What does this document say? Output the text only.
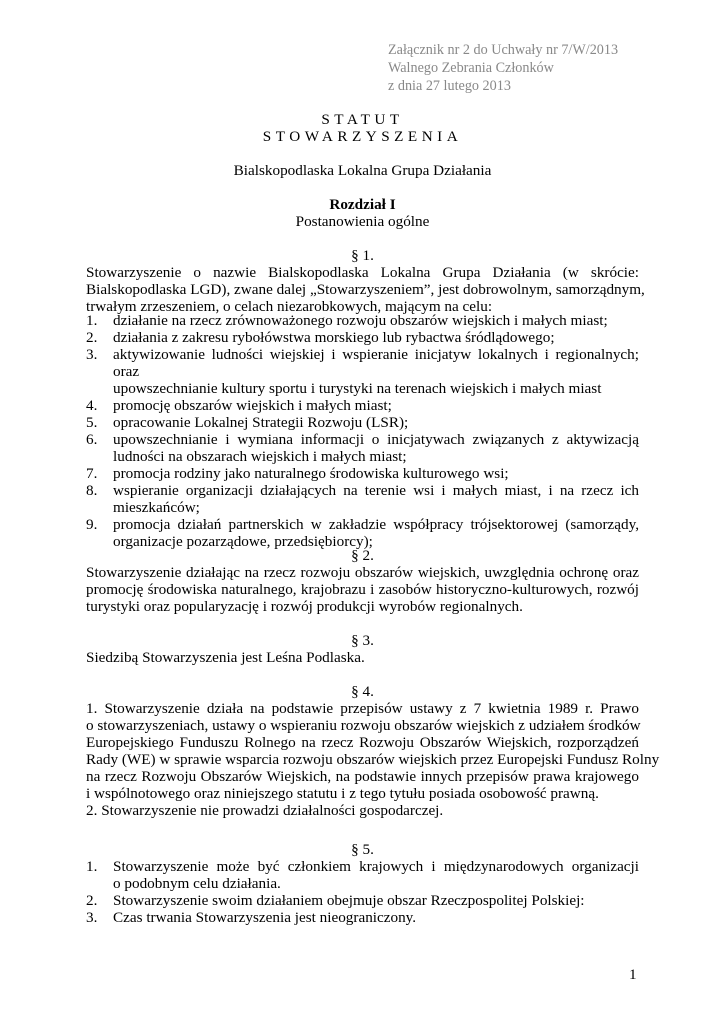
Załącznik nr 2 do Uchwały nr 7/W/2013
Walnego Zebrania Członków
z dnia 27 lutego 2013
STATUT
STOWARZYSZENIA
Bialskopodlaska Lokalna Grupa Działania
Rozdział I
Postanowienia ogólne
§ 1.
Stowarzyszenie o nazwie Bialskopodlaska Lokalna Grupa Działania (w skrócie:
Bialskopodlaska LGD), zwane dalej „Stowarzyszeniem”, jest dobrowolnym, samorządnym,
trwałym zrzeszeniem, o celach niezarobkowych, mającym na celu:
1. działanie na rzecz zrównoważonego rozwoju obszarów wiejskich i małych miast;
2. działania z zakresu rybołówstwa morskiego lub rybactwa śródlądowego;
3. aktywizowanie ludności wiejskiej i wspieranie inicjatyw lokalnych i regionalnych; oraz
upowszechnianie kultury sportu i turystyki na terenach wiejskich i małych miast
4. promocję obszarów wiejskich i małych miast;
5. opracowanie Lokalnej Strategii Rozwoju (LSR);
6. upowszechnianie i wymiana informacji o inicjatywach związanych z aktywizacją
ludności na obszarach wiejskich i małych miast;
7. promocja rodziny jako naturalnego środowiska kulturowego wsi;
8. wspieranie organizacji działających na terenie wsi i małych miast, i na rzecz ich
mieszkańców;
9. promocja działań partnerskich w zakładzie współpracy trójsektorowej (samorządy,
organizacje pozarządowe, przedsiębiorcy);
§ 2.
Stowarzyszenie działając na rzecz rozwoju obszarów wiejskich, uwzględnia ochronę oraz
promocję środowiska naturalnego, krajobrazu i zasobów historyczno-kulturowych, rozwój
turystyki oraz popularyzację i rozwój produkcji wyrobów regionalnych.
§ 3.
Siedzibą Stowarzyszenia jest Leśna Podlaska.
§ 4.
1. Stowarzyszenie działa na podstawie przepisów ustawy z 7 kwietnia 1989 r. Prawo
o stowarzyszeniach, ustawy o wspieraniu rozwoju obszarów wiejskich z udziałem środków
Europejskiego Funduszu Rolnego na rzecz Rozwoju Obszarów Wiejskich, rozporządzeń
Rady (WE) w sprawie wsparcia rozwoju obszarów wiejskich przez Europejski Fundusz Rolny
na rzecz Rozwoju Obszarów Wiejskich, na podstawie innych przepisów prawa krajowego
i wspólnotowego oraz niniejszego statutu i z tego tytułu posiada osobowość prawną.
2. Stowarzyszenie nie prowadzi działalności gospodarczej.
§ 5.
1. Stowarzyszenie może być członkiem krajowych i międzynarodowych organizacji
o podobnym celu działania.
2. Stowarzyszenie swoim działaniem obejmuje obszar Rzeczpospolitej Polskiej:
3. Czas trwania Stowarzyszenia jest nieograniczony.
1
